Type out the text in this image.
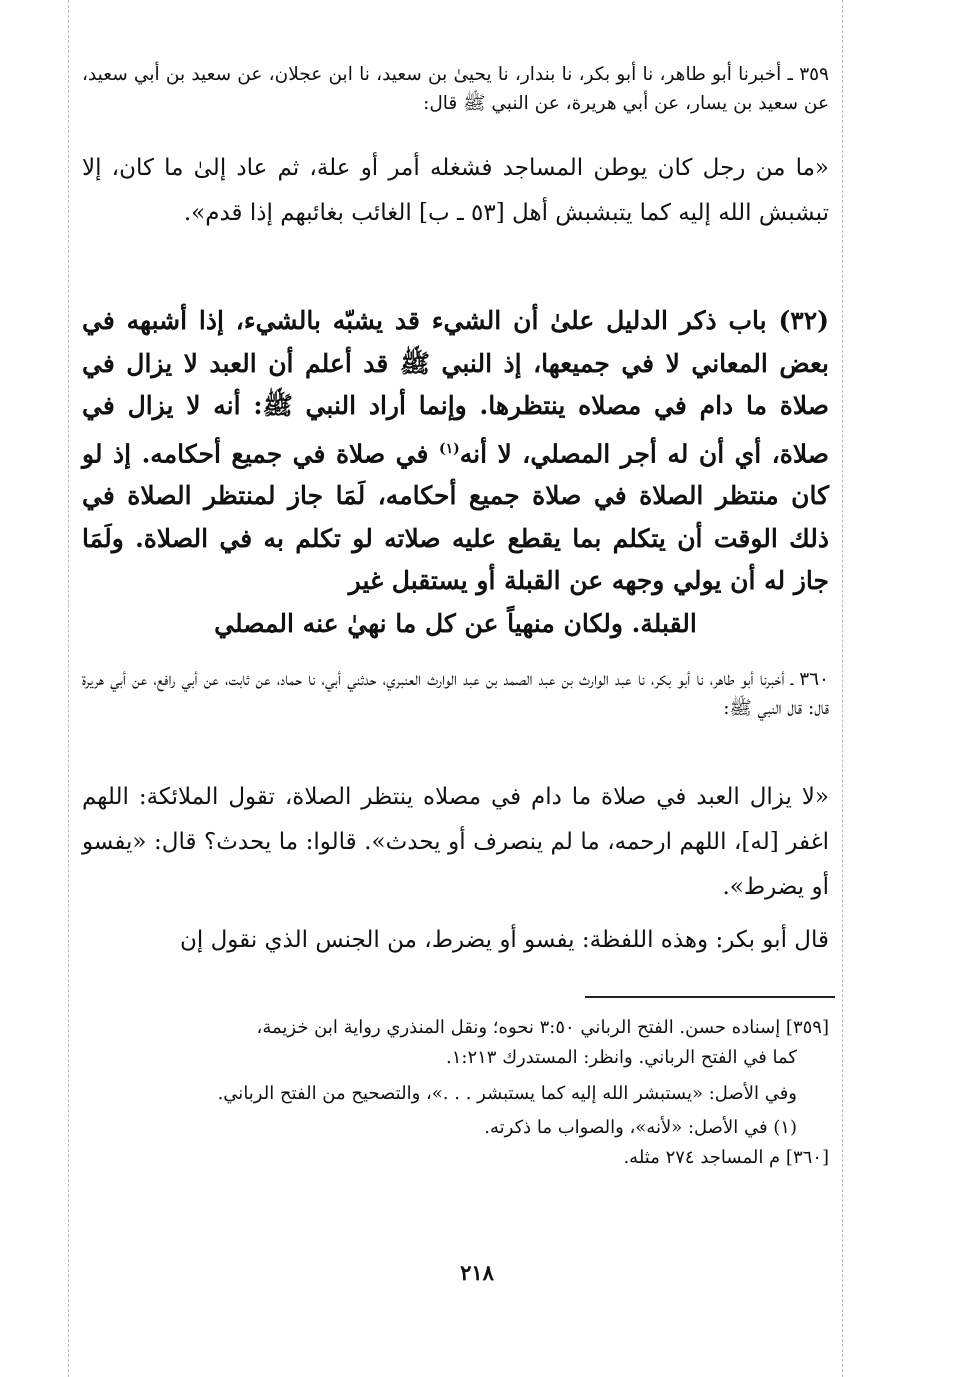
٣٥٩ ـ أخبرنا أبو طاهر، نا أبو بكر، نا بندار، نا يحيىٰ بن سعيد، نا ابن عجلان، عن سعيد بن أبي سعيد، عن سعيد بن يسار، عن أبي هريرة، عن النبي ﷺ قال:

«ما من رجل كان يوطن المساجد فشغله أمر أو علة، ثم عاد إلىٰ ما كان، إلا تبشبش الله إليه كما يتبشبش أهل [٥٣ ـ ب] الغائب بغائبهم إذا قدم».

(٣٢) باب ذكر الدليل علىٰ أن الشيء قد يشبّه بالشيء، إذا أشبهه في بعض المعاني لا في جميعها، إذ النبي ﷺ قد أعلم أن العبد لا يزال في صلاة ما دام في مصلاه ينتظرها. وإنما أراد النبي ﷺ: أنه لا يزال في صلاة، أي أن له أجر المصلي، لا أنه$^{(١)}$ في صلاة في جميع أحكامه. إذ لو كان منتظر الصلاة في صلاة جميع أحكامه، لَمَا جاز لمنتظر الصلاة في ذلك الوقت أن يتكلم بما يقطع عليه صلاته لو تكلم به في الصلاة. ولَمَا جاز له أن يولي وجهه عن القبلة أو يستقبل غير
القبلة. ولكان منهياً عن كل ما نهيٰ عنه المصلي

٣٦٠ ـ أخبرنا أبو طاهر، نا أبو بكر، نا عبد الوارث بن عبد الصمد بن عبد الوارث العنبري، حدثني أبي، نا حماد، عن ثابت، عن أبي رافع، عن أبي هريرة قال: قال النبي ﷺ:

«لا يزال العبد في صلاة ما دام في مصلاه ينتظر الصلاة، تقول الملائكة: اللهم اغفر [له]، اللهم ارحمه، ما لم ينصرف أو يحدث». قالوا: ما يحدث؟ قال: «يفسو أو يضرط».

قال أبو بكر: وهذه اللفظة: يفسو أو يضرط، من الجنس الذي نقول إن

[٣٥٩] إسناده حسن. الفتح الرباني ٣:٥٠ نحوه؛ ونقل المنذري رواية ابن خزيمة،
كما في الفتح الرباني. وانظر: المستدرك ١:٢١٣.
وفي الأصل: «يستبشر الله إليه كما يستبشر . . .»، والتصحيح من الفتح الرباني.
(١) في الأصل: «لأنه»، والصواب ما ذكرته.
[٣٦٠] م المساجد ٢٧٤ مثله.
٢١٨
